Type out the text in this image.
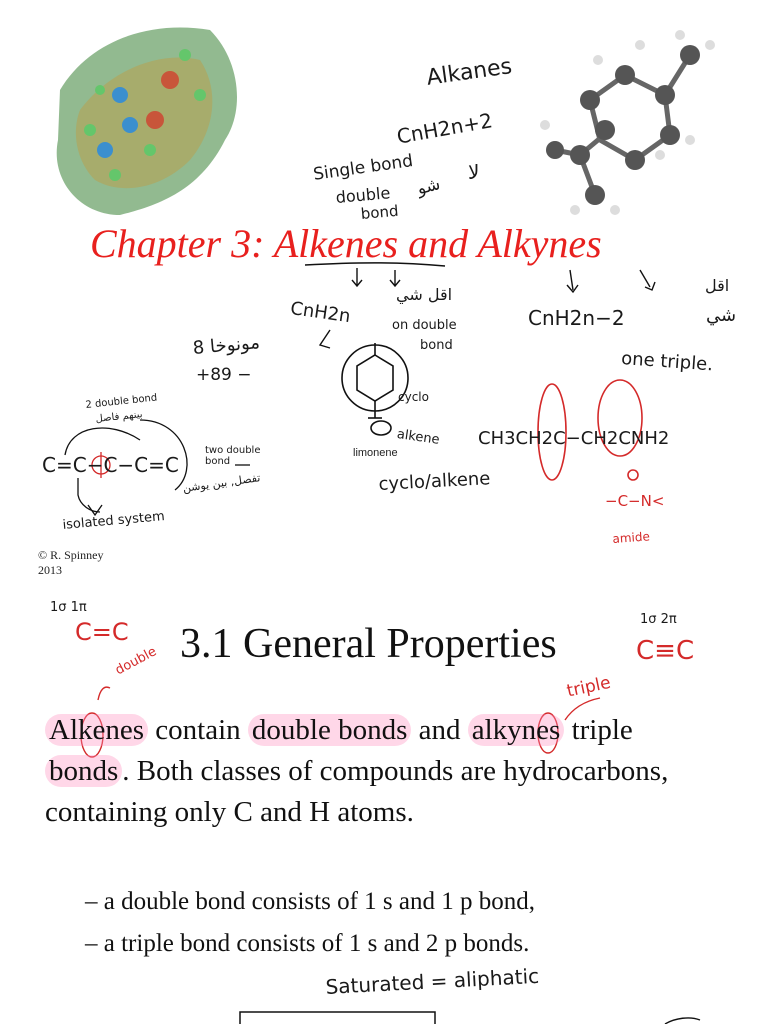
Chapter 3: Alkenes and Alkynes
Alkanes
CnH2n+2
Single bond
double
bond
لا
شو
CnH2n	on double
bond
اقل شي
CnH2n−2
اقل
شي
one triple.
8 مونوخا
+89 −
2 double bond
بينهم فاصل
C=C−C−C=C
two double bond
تفصل, بين يوشن
isolated system
cyclo
alkene
limonene
cyclo/alkene
CH3CH2C−CH2CNH2
amide
−C−N<
© R. Spinney
2013
3.1 General Properties
C=C
1σ 1π
double
1σ 2π
C≡C
triple
Alkenes contain double bonds and alkynes triple
bonds . Both classes of compounds are hydrocarbons, containing only C and H atoms.
– a double bond consists of 1 s and 1 p bond,
– a triple bond consists of 1 s and 2 p bonds.
Saturated = aliphatic
